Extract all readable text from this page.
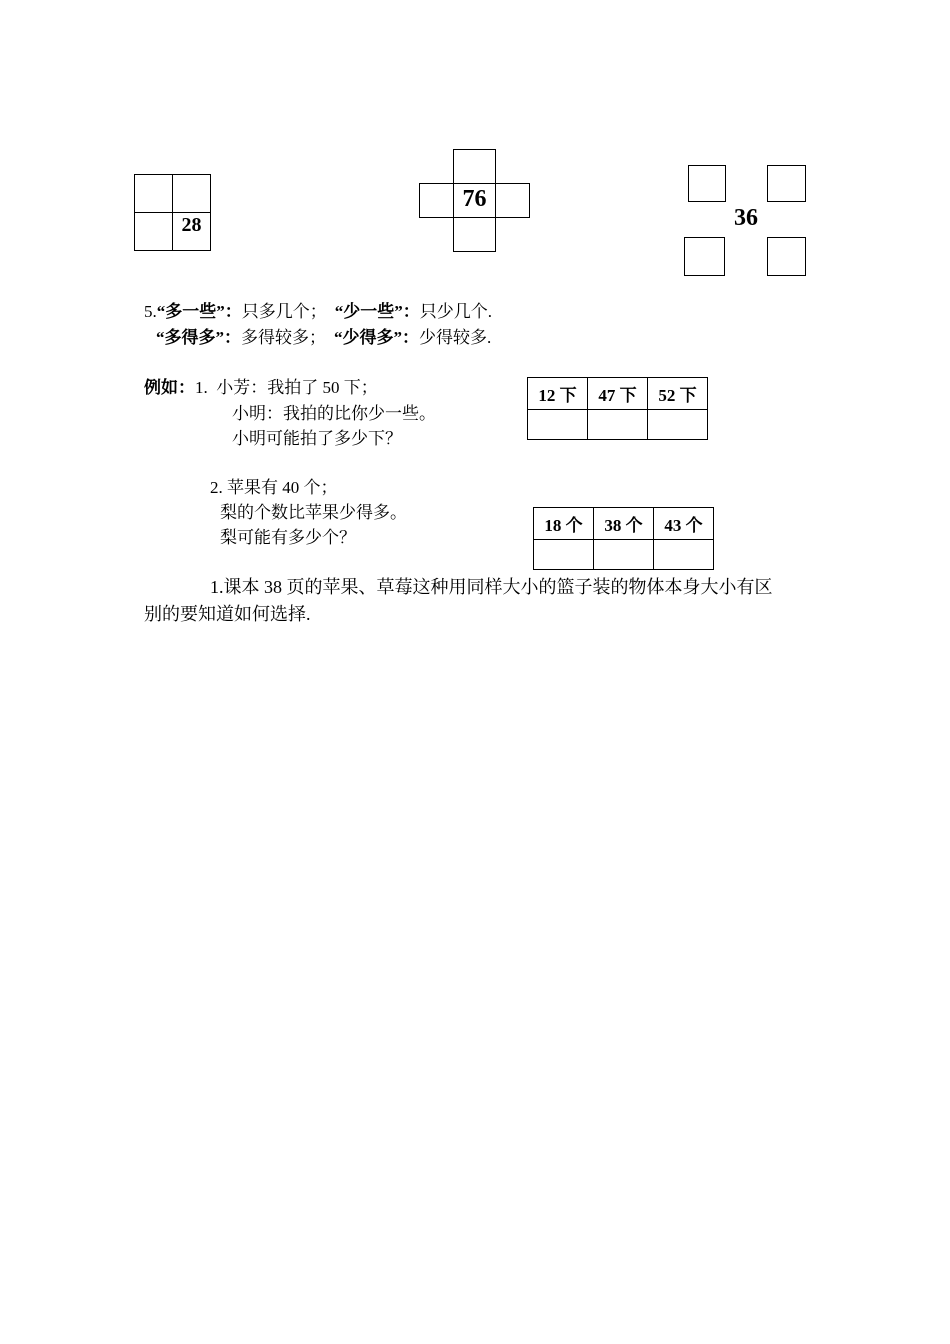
28
76
36
5.“多一些”：只多几个； “少一些”：只少几个.
“多得多”：多得较多； “少得多”：少得较多.
例如：1. 小芳：我拍了 50 下；
小明：我拍的比你少一些。
小明可能拍了多少下？
12 下	47 下	52 下

2. 苹果有 40 个；
梨的个数比苹果少得多。
梨可能有多少个？
18 个	38 个	43 个

1.课本 38 页的苹果、草莓这种用同样大小的篮子装的物体本身大小有区
别的要知道如何选择.
